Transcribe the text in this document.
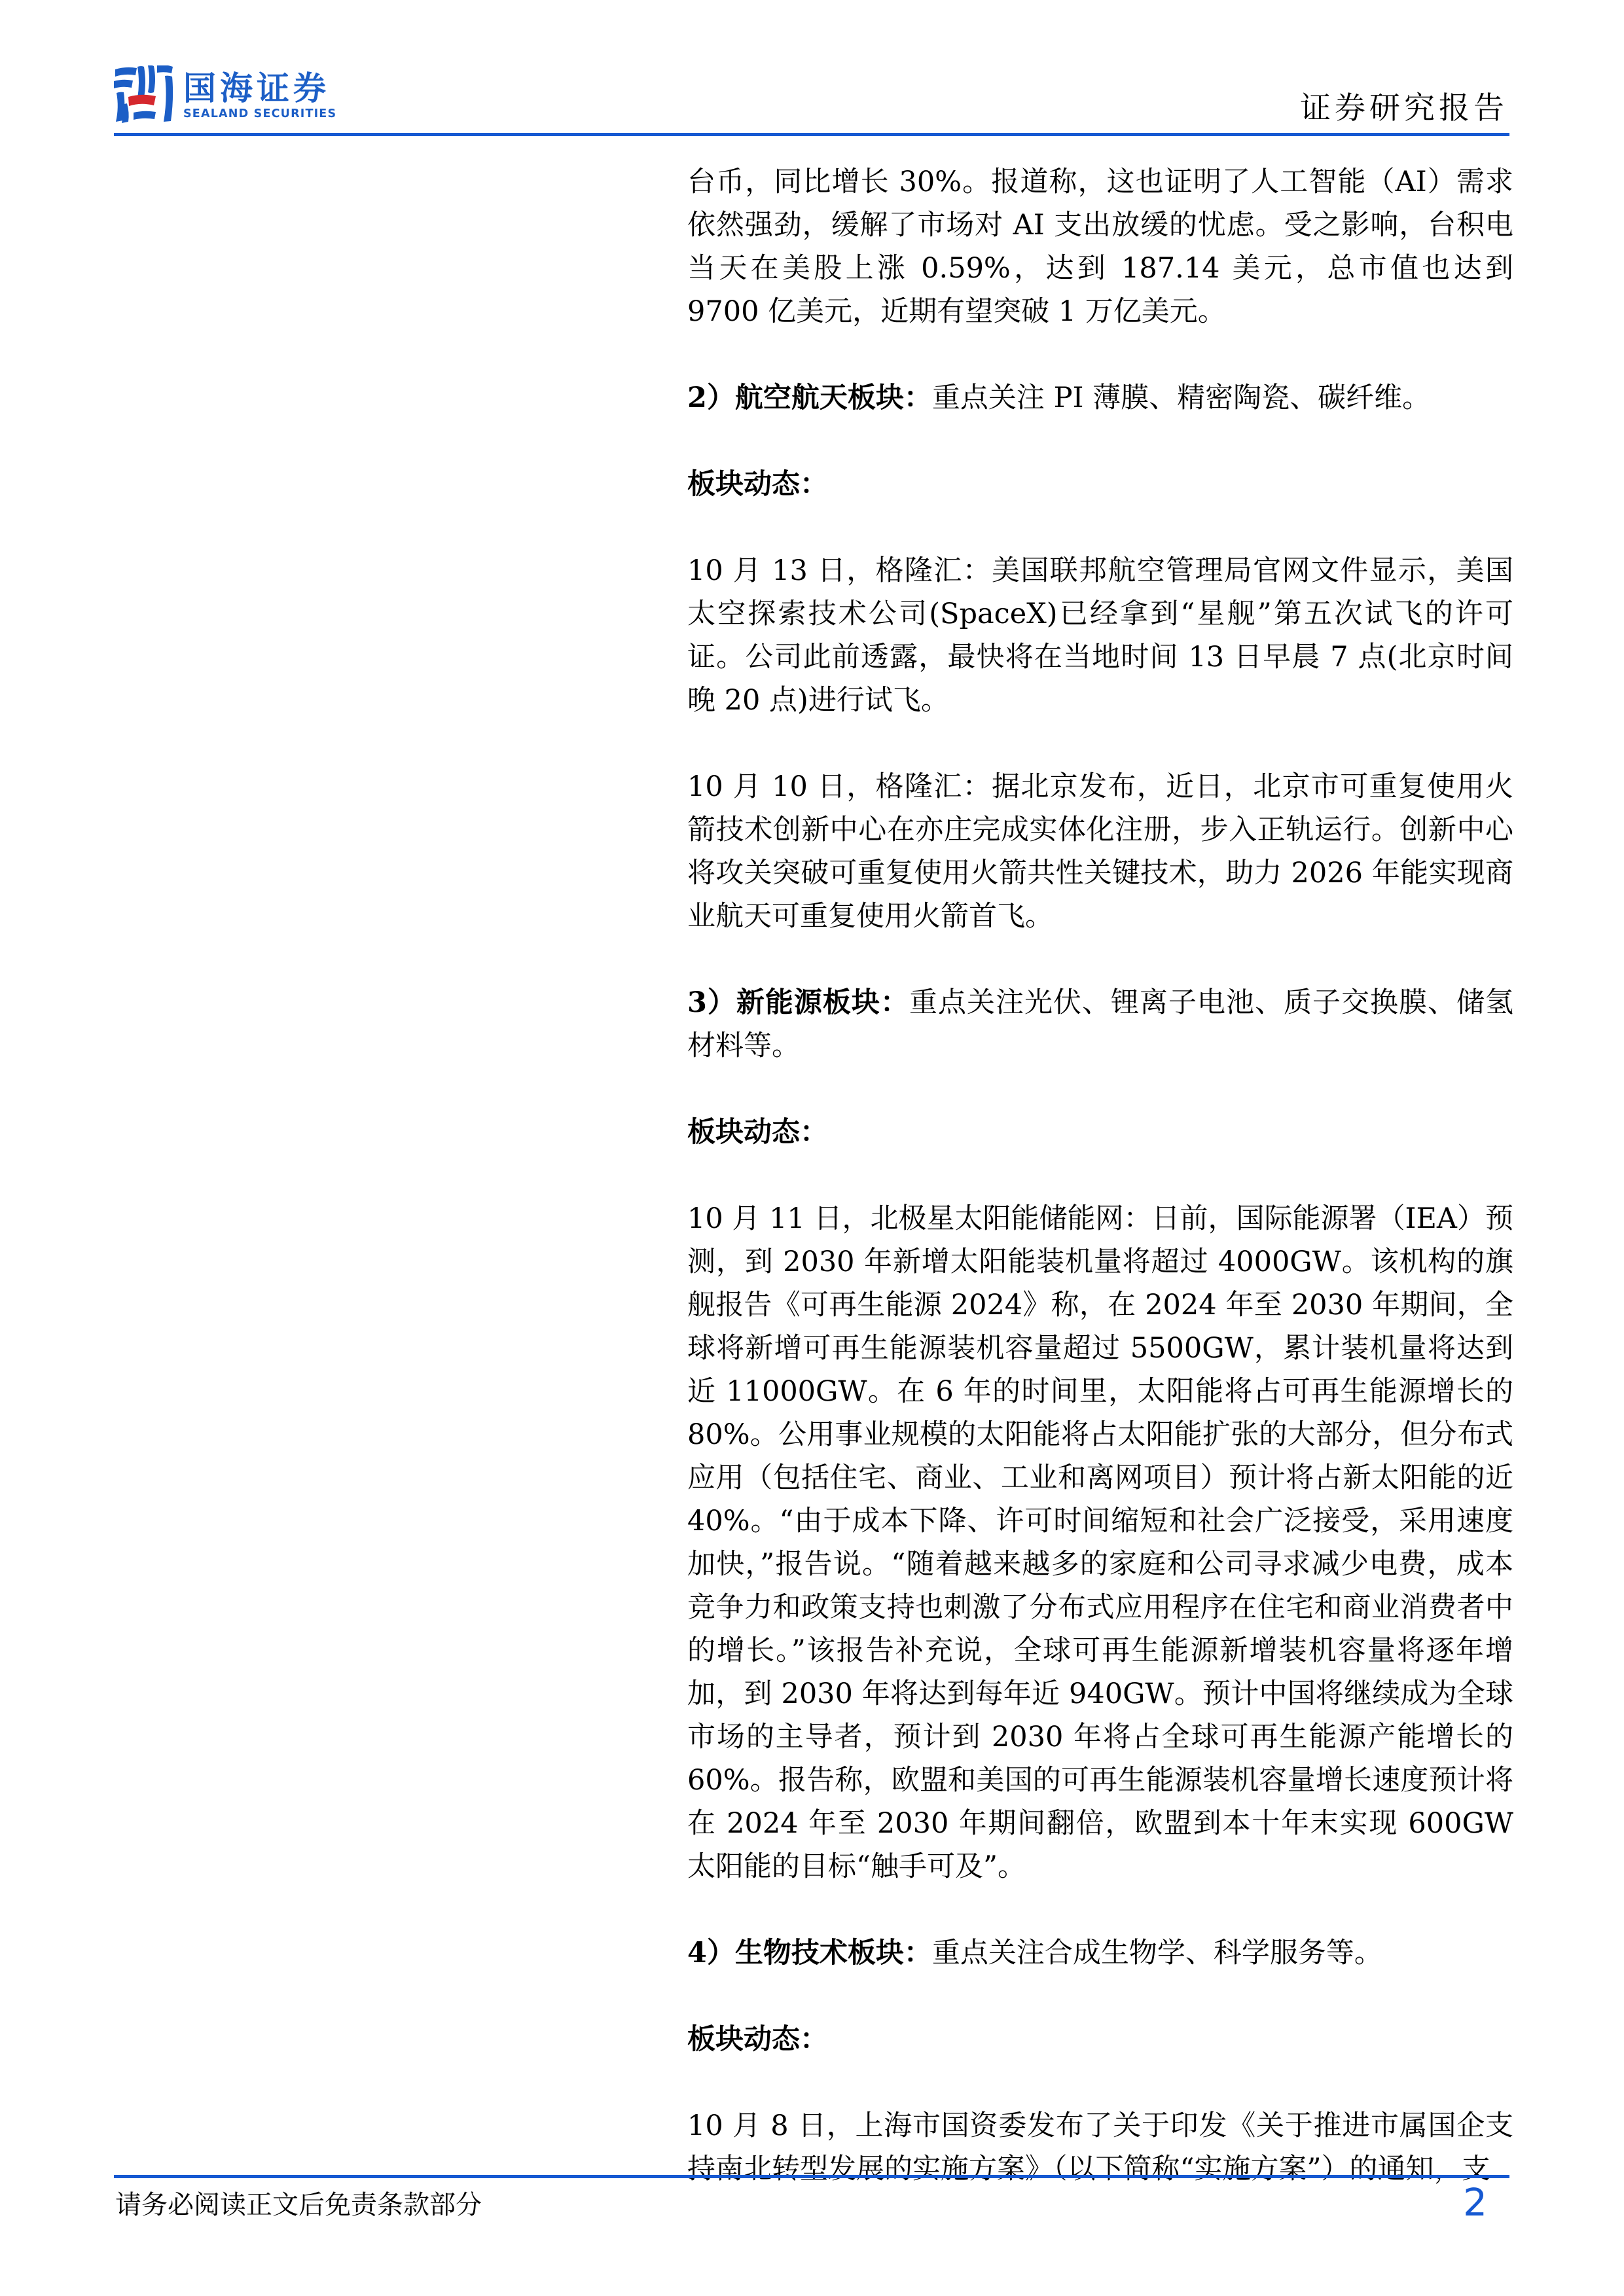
国海证券
SEALAND SECURITIES	证券研究报告

台币，同比增长 30%。报道称，这也证明了人工智能（AI）需求依然强劲，缓解了市场对 AI 支出放缓的忧虑。受之影响，台积电当天在美股上涨 0.59%，达到 187.14 美元，总市值也达到 9700 亿美元，近期有望突破 1 万亿美元。

2）航空航天板块：重点关注 PI 薄膜、精密陶瓷、碳纤维。

板块动态：

10 月 13 日，格隆汇：美国联邦航空管理局官网文件显示，美国太空探索技术公司(SpaceX)已经拿到“星舰”第五次试飞的许可证。公司此前透露，最快将在当地时间 13 日早晨 7 点(北京时间晚 20 点)进行试飞。

10 月 10 日，格隆汇：据北京发布，近日，北京市可重复使用火箭技术创新中心在亦庄完成实体化注册，步入正轨运行。创新中心将攻关突破可重复使用火箭共性关键技术，助力 2026 年能实现商业航天可重复使用火箭首飞。

3）新能源板块：重点关注光伏、锂离子电池、质子交换膜、储氢材料等。

板块动态：

10 月 11 日，北极星太阳能储能网：日前，国际能源署（IEA）预测，到 2030 年新增太阳能装机量将超过 4000GW。该机构的旗舰报告《可再生能源 2024》称，在 2024 年至 2030 年期间，全球将新增可再生能源装机容量超过 5500GW，累计装机量将达到近 11000GW。在 6 年的时间里，太阳能将占可再生能源增长的 80%。公用事业规模的太阳能将占太阳能扩张的大部分，但分布式应用（包括住宅、商业、工业和离网项目）预计将占新太阳能的近 40%。“由于成本下降、许可时间缩短和社会广泛接受，采用速度加快，”报告说。“随着越来越多的家庭和公司寻求减少电费，成本竞争力和政策支持也刺激了分布式应用程序在住宅和商业消费者中的增长。”该报告补充说，全球可再生能源新增装机容量将逐年增加，到 2030 年将达到每年近 940GW。预计中国将继续成为全球市场的主导者，预计到 2030 年将占全球可再生能源产能增长的 60%。报告称，欧盟和美国的可再生能源装机容量增长速度预计将在 2024 年至 2030 年期间翻倍，欧盟到本十年末实现 600GW 太阳能的目标“触手可及”。

4）生物技术板块：重点关注合成生物学、科学服务等。

板块动态：

10 月 8 日，上海市国资委发布了关于印发《关于推进市属国企支持南北转型发展的实施方案》（以下简称“实施方案”）的通知，支

请务必阅读正文后免责条款部分	2
